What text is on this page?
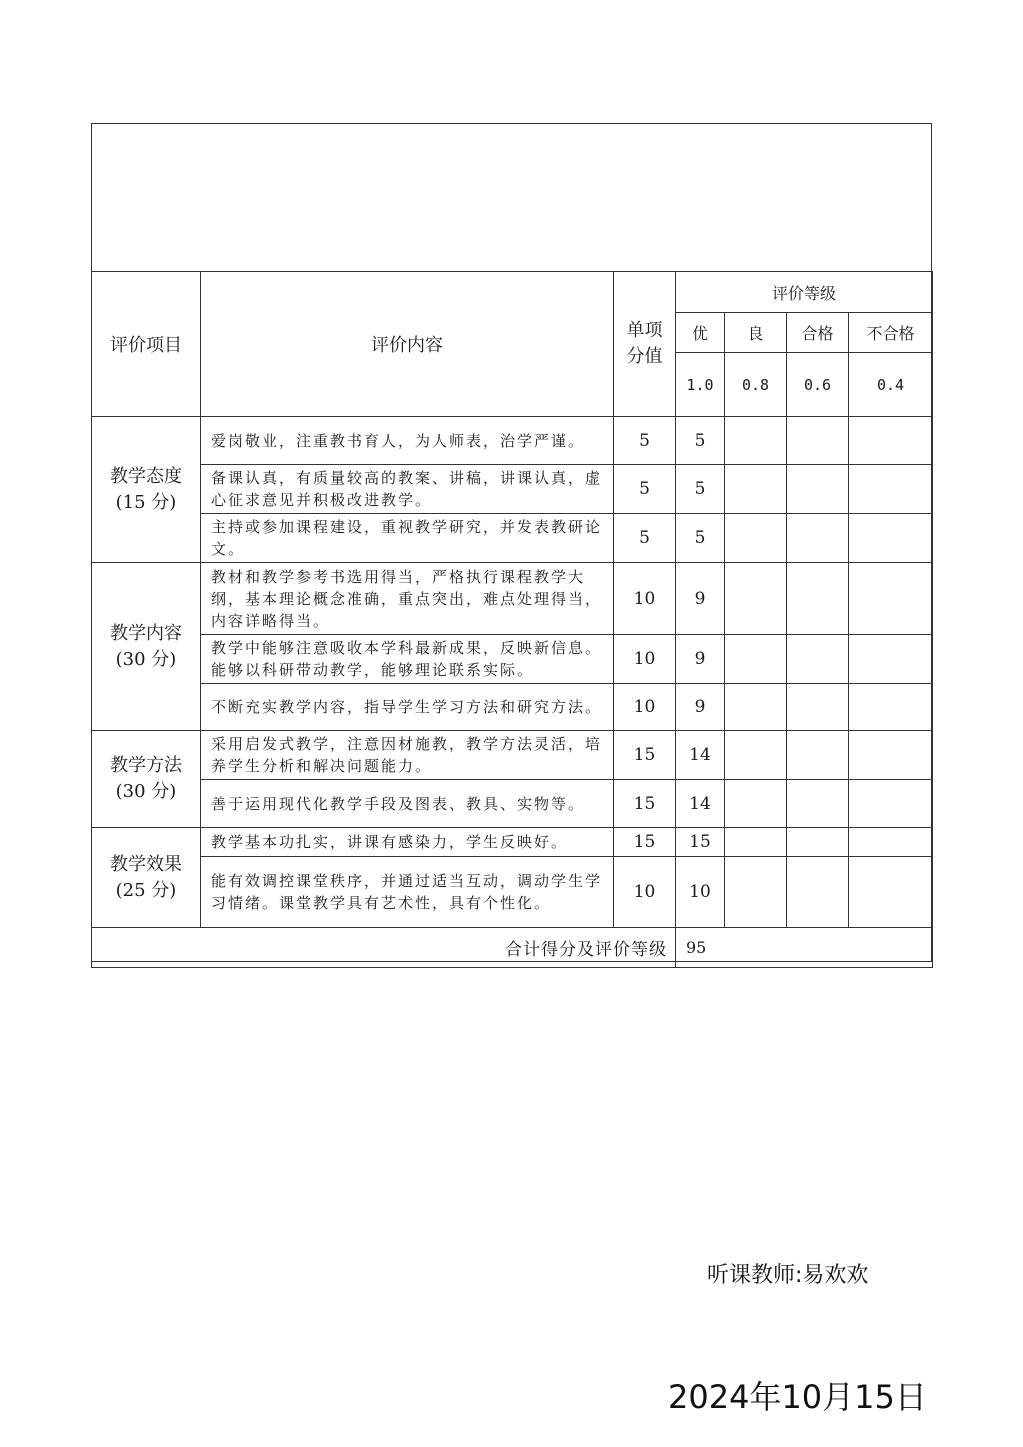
评价项目	评价内容	单项
分值	评价等级			
			优	良	合格	不合格
			1.0	0.8	0.6	0.4
教学态度
(15 分)	爱岗敬业，注重教书育人，为人师表，治学严谨。	5	5			
	备课认真，有质量较高的教案、讲稿，讲课认真，虚心征求意见并积极改进教学。	5	5			
	主持或参加课程建设，重视教学研究，并发表教研论文。	5	5			
教学内容
(30 分)	教材和教学参考书选用得当，严格执行课程教学大纲，基本理论概念准确，重点突出，难点处理得当，内容详略得当。	10	9			
	教学中能够注意吸收本学科最新成果，反映新信息。能够以科研带动教学，能够理论联系实际。	10	9			
	不断充实教学内容，指导学生学习方法和研究方法。	10	9			
教学方法
(30 分)	采用启发式教学，注意因材施教，教学方法灵活，培养学生分析和解决问题能力。	15	14			
	善于运用现代化教学手段及图表、教具、实物等。	15	14			
教学效果
(25 分)	教学基本功扎实，讲课有感染力，学生反映好。	15	15			
	能有效调控课堂秩序，并通过适当互动，调动学生学习情绪。课堂教学具有艺术性，具有个性化。	10	10			
合计得分及评价等级			95			
听课教师:易欢欢
2024年10月15日
